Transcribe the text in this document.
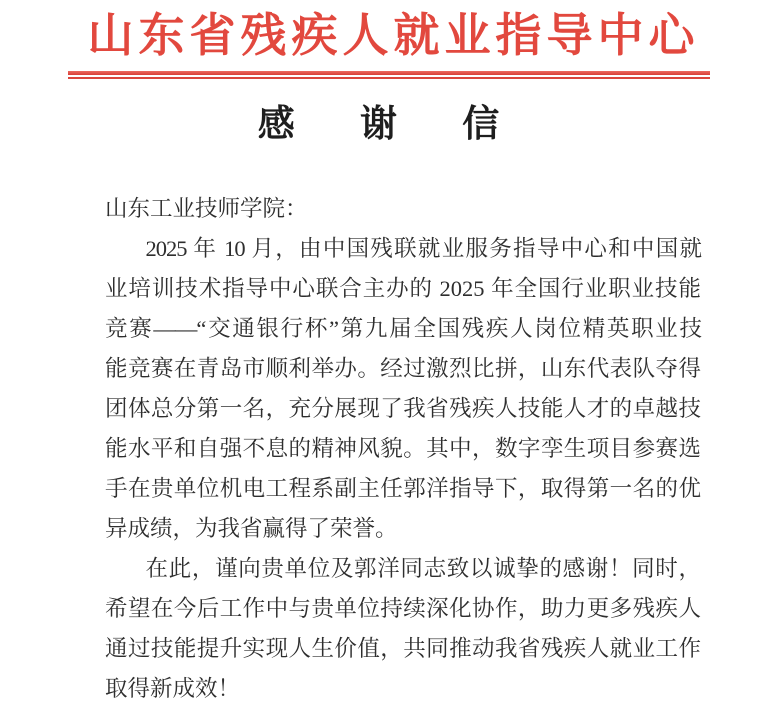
山东省残疾人就业指导中心
感 谢 信
山东工业技师学院：
2025 年 10 月，由中国残联就业服务指导中心和中国就
业培训技术指导中心联合主办的 2025 年全国行业职业技能
竞赛——“交通银行杯”第九届全国残疾人岗位精英职业技
能竞赛在青岛市顺利举办。经过激烈比拼，山东代表队夺得
团体总分第一名，充分展现了我省残疾人技能人才的卓越技
能水平和自强不息的精神风貌。其中，数字孪生项目参赛选
手在贵单位机电工程系副主任郭洋指导下，取得第一名的优
异成绩，为我省赢得了荣誉。
在此，谨向贵单位及郭洋同志致以诚挚的感谢！同时，
希望在今后工作中与贵单位持续深化协作，助力更多残疾人
通过技能提升实现人生价值，共同推动我省残疾人就业工作
取得新成效！
